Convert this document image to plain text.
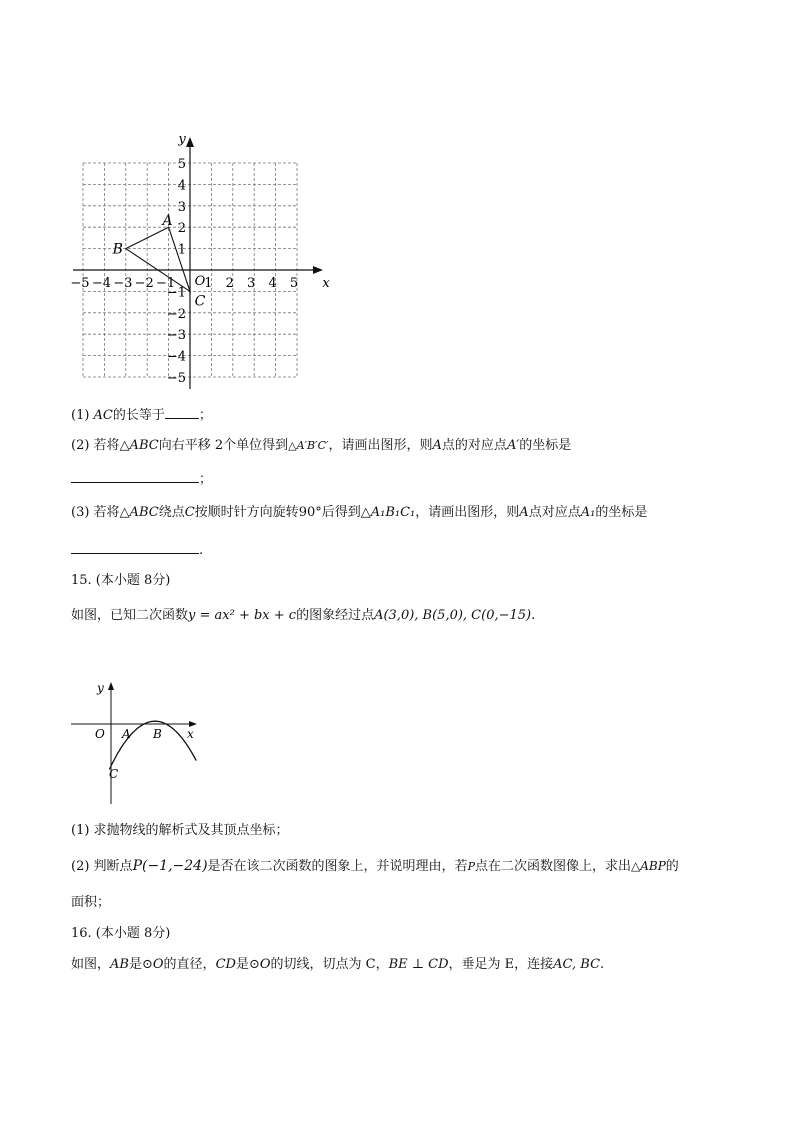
−5 −4 −3 −2 −1 1 2 3 4 5
5
4
3
2
1
−1
−2
−3
−4
−5
x
y
O
A
B
C
(1) AC的长等于	；
(2) 若将△ABC向右平移 2个单位得到△A′B′C′，请画出图形，则A点的对应点A′的坐标是
；
(3) 若将△ABC绕点C按顺时针方向旋转90°后得到△A₁B₁C₁，请画出图形，则A点对应点A₁的坐标是
.
15. (本小题 8分)
如图，已知二次函数y = ax² + bx + c的图象经过点A(3,0), B(5,0), C(0,−15).
x
y
O A B
C
(1) 求抛物线的解析式及其顶点坐标；
(2) 判断点P(−1,−24)是否在该二次函数的图象上，并说明理由，若P点在二次函数图像上，求出△ABP的
面积；
16. (本小题 8分)
如图，AB是⊙O的直径，CD是⊙O的切线，切点为 C，BE ⊥ CD，垂足为 E，连接AC, BC.
